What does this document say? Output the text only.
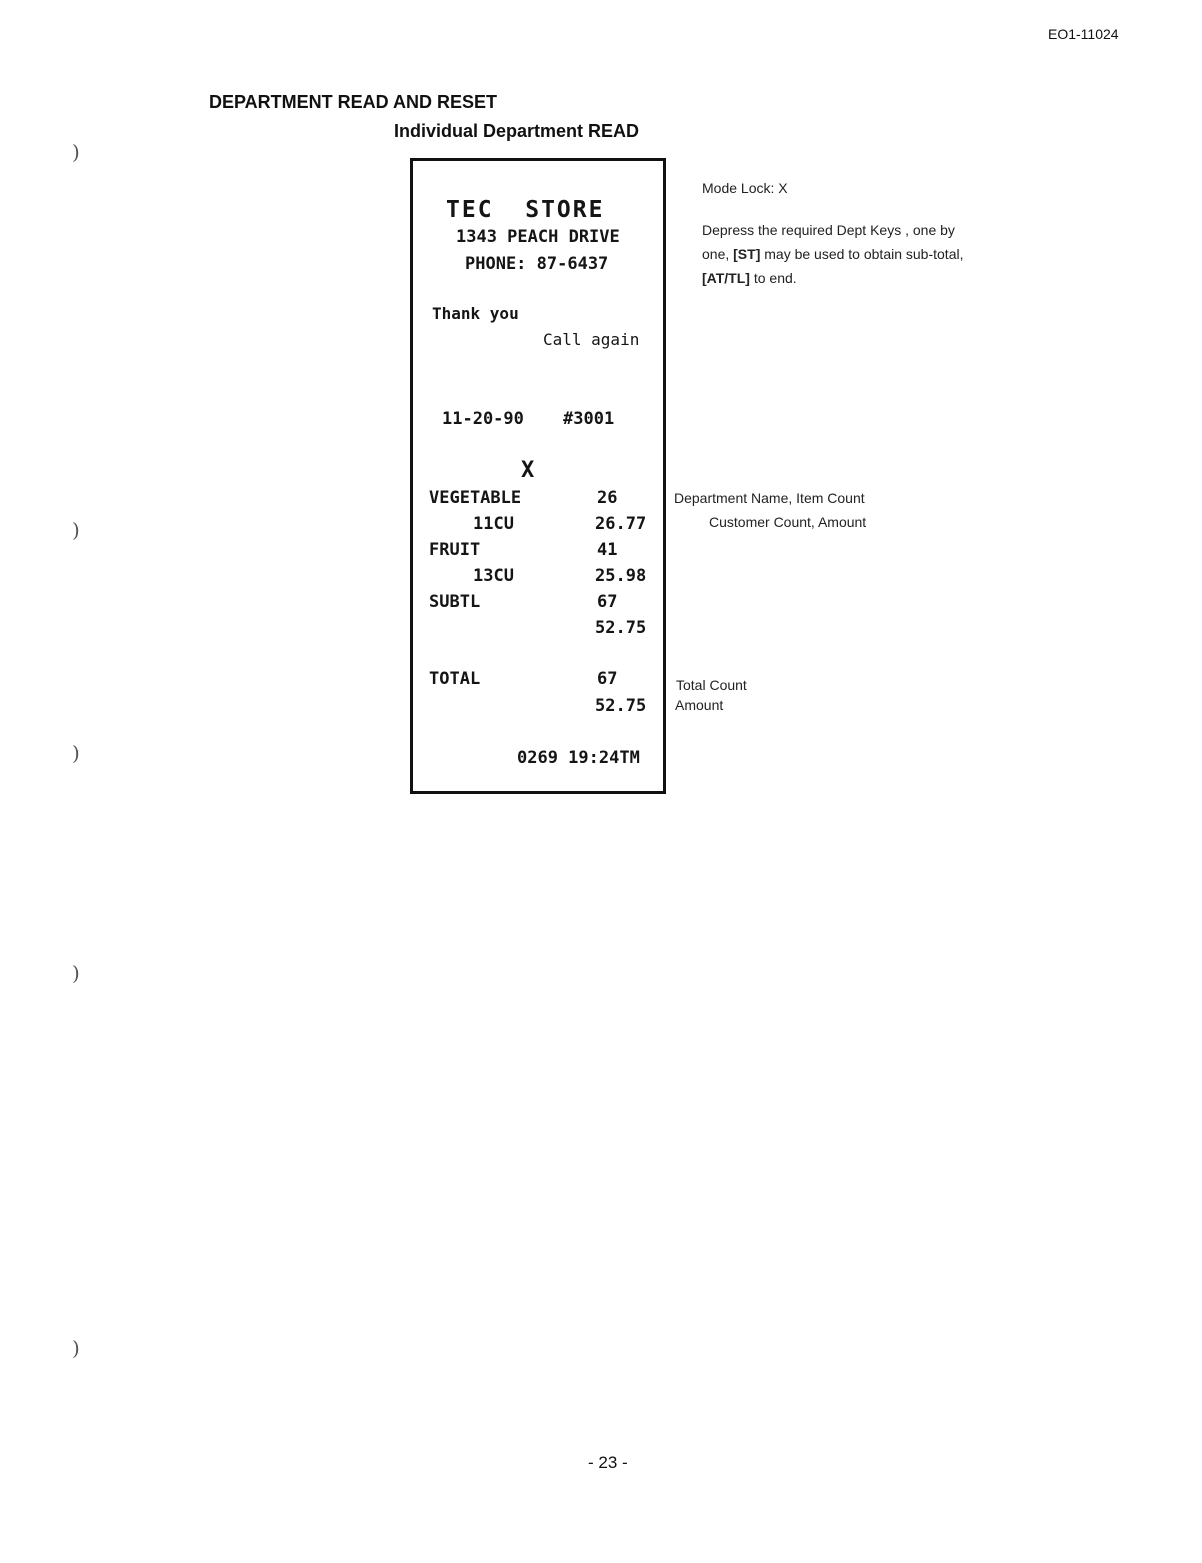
EO1-11024
DEPARTMENT READ AND RESET
Individual Department READ
TEC  STORE
1343 PEACH DRIVE
PHONE: 87-6437
Thank you
Call again
11-20-90 #3001
X
VEGETABLE	26
11CU	26.77
FRUIT	41
13CU	25.98
SUBTL	67
52.75
TOTAL	67
52.75
0269 19:24TM
Mode Lock: X
Depress the required Dept Keys , one by
one, [ST] may be used to obtain sub-total,
[AT/TL] to end.
Department Name, Item Count
Customer Count, Amount
Total Count
Amount
)
)
)
)
)
- 23 -
